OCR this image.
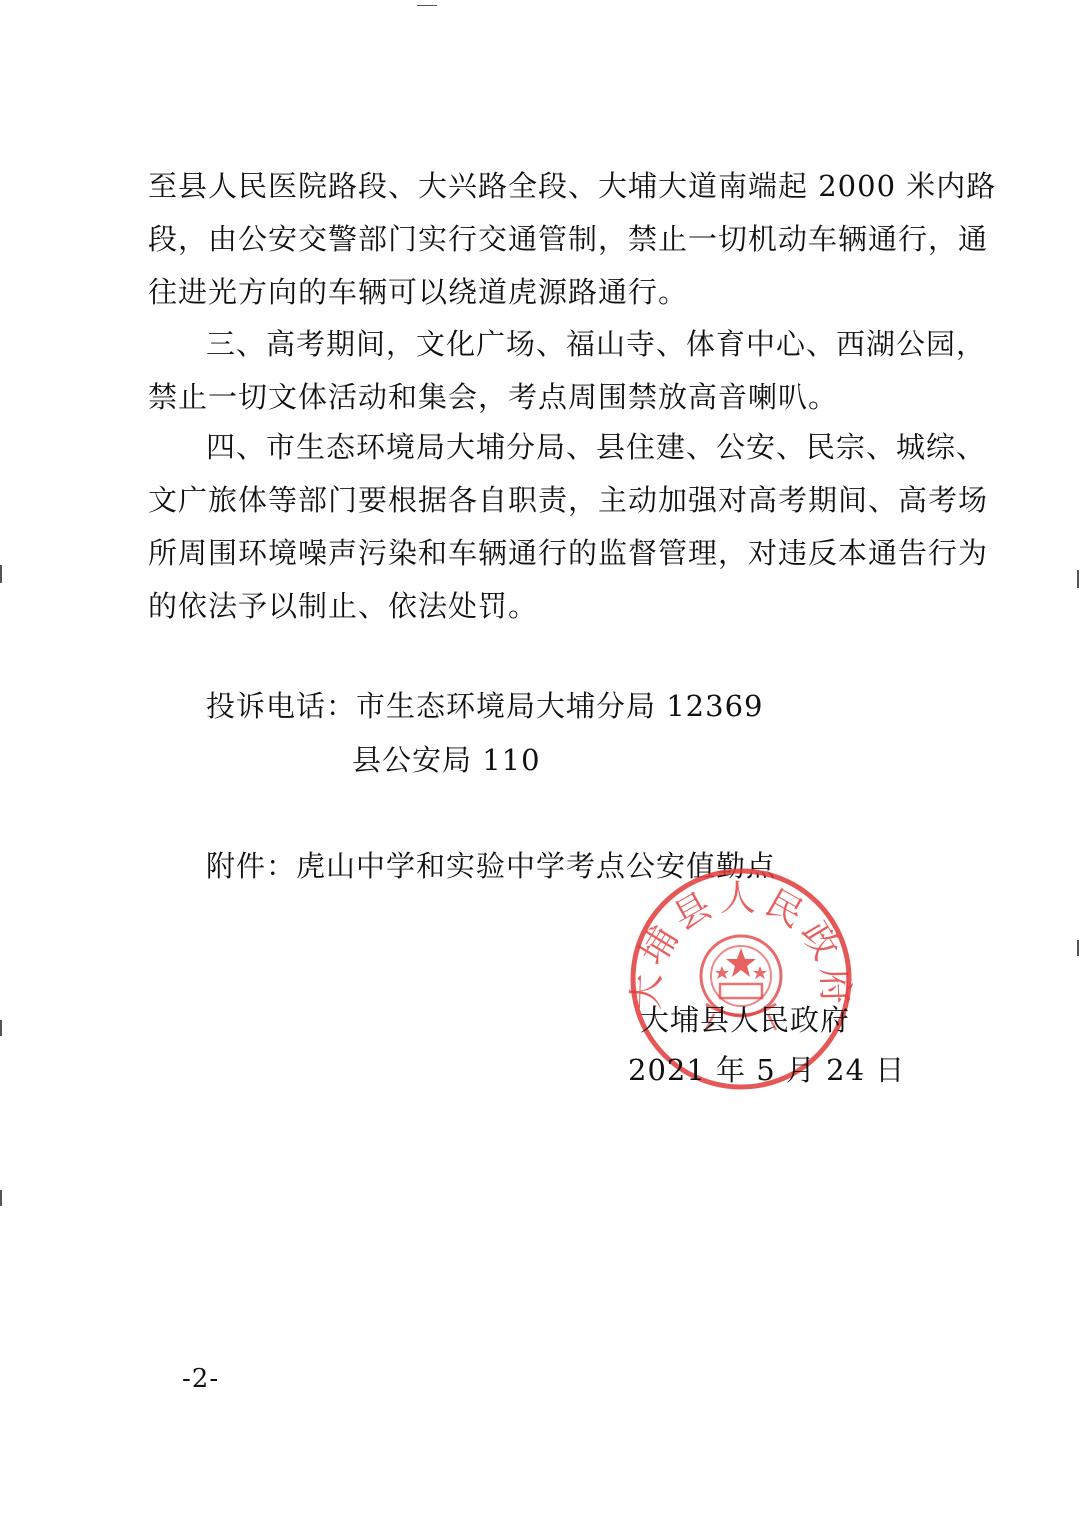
至县人民医院路段、大兴路全段、大埔大道南端起 2000 米内路
段，由公安交警部门实行交通管制，禁止一切机动车辆通行，通
往进光方向的车辆可以绕道虎源路通行。
三、高考期间，文化广场、福山寺、体育中心、西湖公园，
禁止一切文体活动和集会，考点周围禁放高音喇叭。
四、市生态环境局大埔分局、县住建、公安、民宗、城综、
文广旅体等部门要根据各自职责，主动加强对高考期间、高考场
所周围环境噪声污染和车辆通行的监督管理，对违反本通告行为
的依法予以制止、依法处罚。
投诉电话：市生态环境局大埔分局 12369
县公安局 110
附件：虎山中学和实验中学考点公安值勤点
大埔县人民政府
大埔县人民政府
2021 年 5 月 24 日
-2-
